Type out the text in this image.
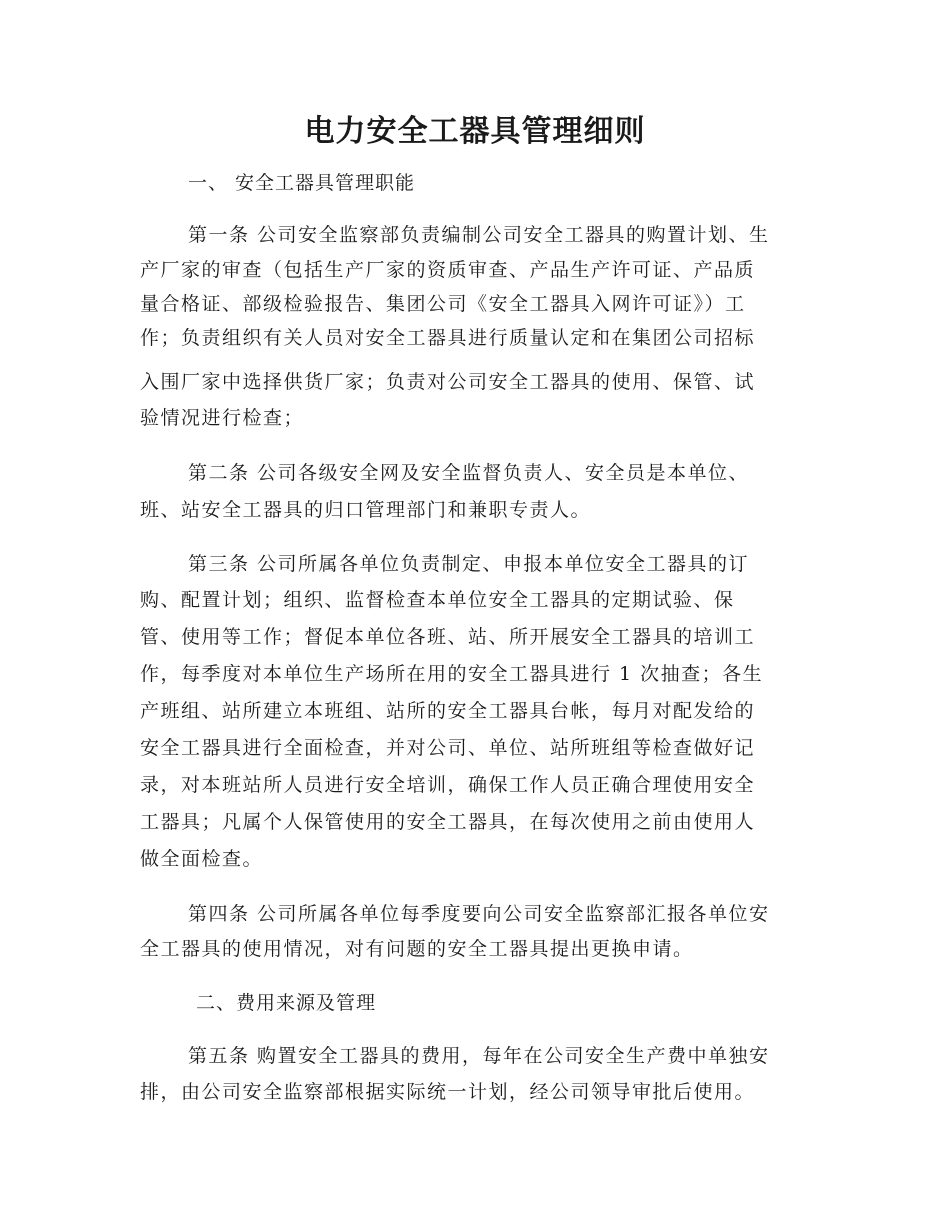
电力安全工器具管理细则
一、 安全工器具管理职能
第一条 公司安全监察部负责编制公司安全工器具的购置计划、生
产厂家的审查（包括生产厂家的资质审查、产品生产许可证、产品质
量合格证、部级检验报告、集团公司《安全工器具入网许可证》）工
作；负责组织有关人员对安全工器具进行质量认定和在集团公司招标
入围厂家中选择供货厂家；负责对公司安全工器具的使用、保管、试
验情况进行检查；
第二条 公司各级安全网及安全监督负责人、安全员是本单位、
班、站安全工器具的归口管理部门和兼职专责人。
第三条 公司所属各单位负责制定、申报本单位安全工器具的订
购、配置计划；组织、监督检查本单位安全工器具的定期试验、保
管、使用等工作；督促本单位各班、站、所开展安全工器具的培训工
作，每季度对本单位生产场所在用的安全工器具进行 1 次抽查；各生
产班组、站所建立本班组、站所的安全工器具台帐，每月对配发给的
安全工器具进行全面检查，并对公司、单位、站所班组等检查做好记
录，对本班站所人员进行安全培训，确保工作人员正确合理使用安全
工器具；凡属个人保管使用的安全工器具，在每次使用之前由使用人
做全面检查。
第四条 公司所属各单位每季度要向公司安全监察部汇报各单位安
全工器具的使用情况，对有问题的安全工器具提出更换申请。
二、费用来源及管理
第五条 购置安全工器具的费用，每年在公司安全生产费中单独安
排，由公司安全监察部根据实际统一计划，经公司领导审批后使用。
